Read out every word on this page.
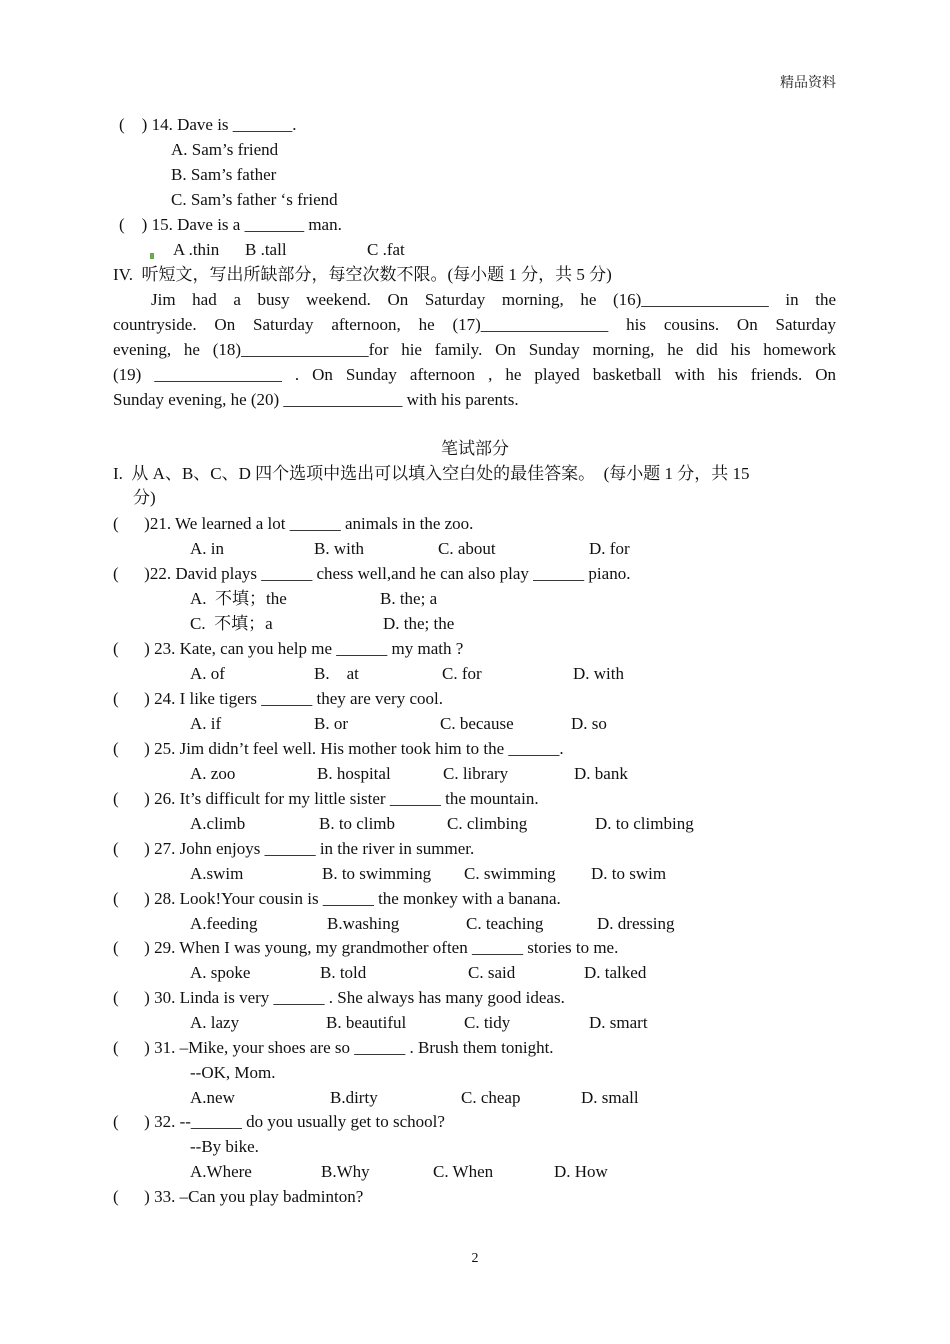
精品资料
(    ) 14. Dave is _______.
A. Sam’s friend
B. Sam’s father
C. Sam’s father ‘s friend
(    ) 15. Dave is a _______ man.
A .thin B .tall	C .fat
IV.  听短文，写出所缺部分，每空次数不限。(每小题 1 分，共 5 分)
Jim had a busy weekend. On Saturday morning, he (16)_______________ in the
countryside. On Saturday afternoon, he (17)_______________ his cousins. On Saturday
evening, he (18)_______________for hie family. On Sunday morning, he did his homework
(19) _______________ . On Sunday afternoon , he played basketball with his friends. On
Sunday evening, he (20) ______________ with his parents.
笔试部分
I.  从 A、B、C、D 四个选项中选出可以填入空白处的最佳答案。  (每小题 1 分，共 15
分)
(      )21. We learned a lot ______ animals in the zoo.
A. in	B. with	C. about	D. for
(      )22. David plays ______ chess well,and he can also play ______ piano.
A.  不填；the	B. the; a
C.  不填；a	D. the; the
(      ) 23. Kate, can you help me ______ my math ?
A. of	B.    at	C. for	D. with
(      ) 24. I like tigers ______ they are very cool.
A. if	B. or	C. because	D. so
(      ) 25. Jim didn’t feel well. His mother took him to the ______.
A. zoo	B. hospital	C. library	D. bank
(      ) 26. It’s difficult for my little sister ______ the mountain.
A.climb	B. to climb	C. climbing	D. to climbing
(      ) 27. John enjoys ______ in the river in summer.
A.swim	B. to swimming C. swimming D. to swim
(      ) 28. Look!Your cousin is ______ the monkey with a banana.
A.feeding	B.washing	C. teaching	D. dressing
(      ) 29. When I was young, my grandmother often ______ stories to me.
A. spoke	B. told	C. said	D. talked
(      ) 30. Linda is very ______ . She always has many good ideas.
A. lazy	B. beautiful	C. tidy	D. smart
(      ) 31. –Mike, your shoes are so ______ . Brush them tonight.
--OK, Mom.
A.new	B.dirty	C. cheap	D. small
(      ) 32. --______ do you usually get to school?
--By bike.
A.Where	B.Why	C. When	D. How
(      ) 33. –Can you play badminton?
2
